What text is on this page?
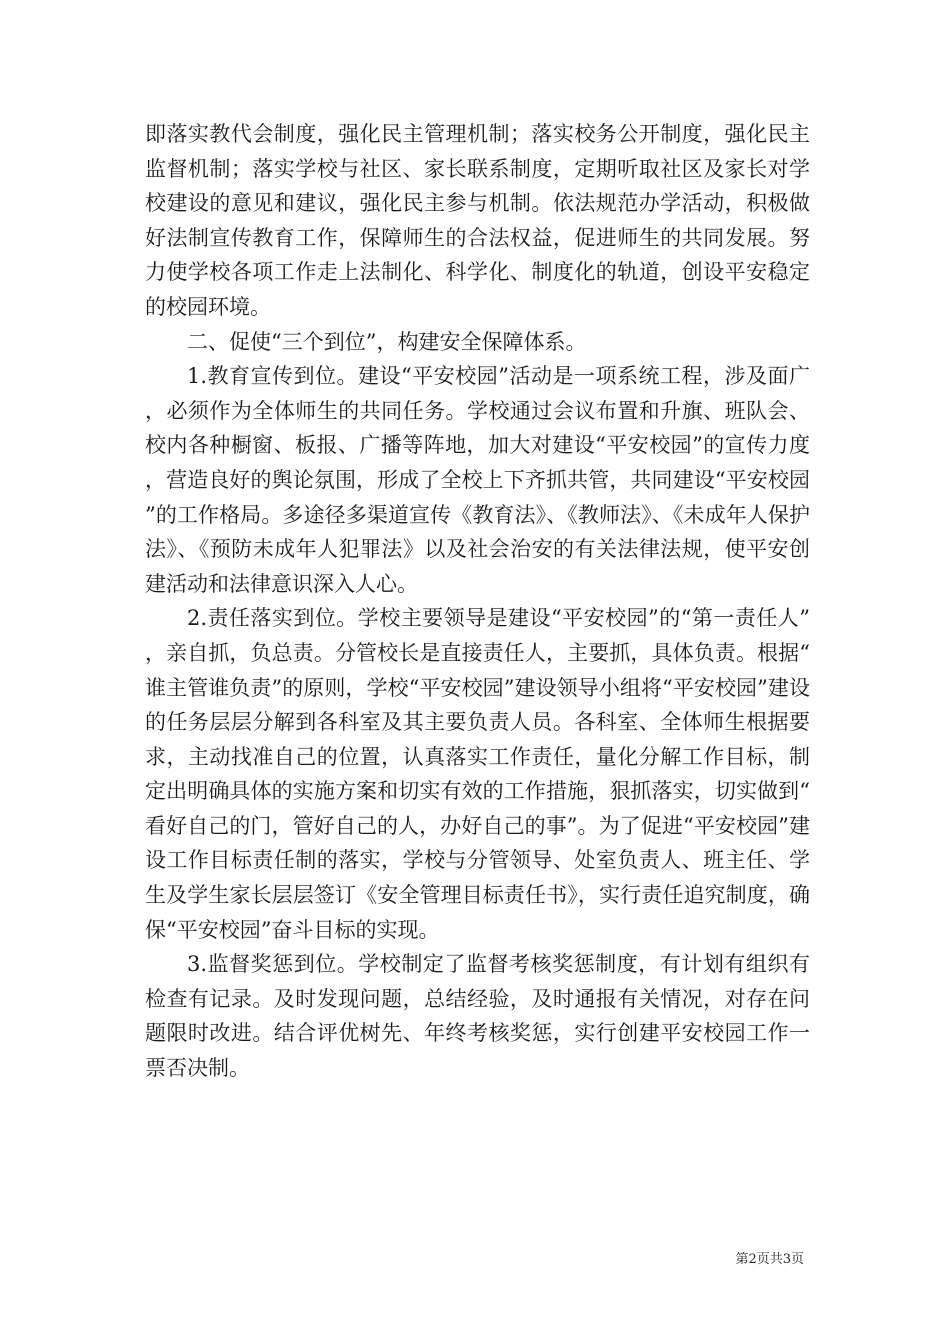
即落实教代会制度，强化民主管理机制；落实校务公开制度，强化民主监督机制；落实学校与社区、家长联系制度，定期听取社区及家长对学校建设的意见和建议，强化民主参与机制。依法规范办学活动，积极做好法制宣传教育工作，保障师生的合法权益，促进师生的共同发展。努力使学校各项工作走上法制化、科学化、制度化的轨道，创设平安稳定的校园环境。

二、促使“三个到位”，构建安全保障体系。

1.教育宣传到位。建设“平安校园”活动是一项系统工程，涉及面广，必须作为全体师生的共同任务。学校通过会议布置和升旗、班队会、校内各种橱窗、板报、广播等阵地，加大对建设“平安校园”的宣传力度，营造良好的舆论氛围，形成了全校上下齐抓共管，共同建设“平安校园”的工作格局。多途径多渠道宣传《教育法》、《教师法》、《未成年人保护法》、《预防未成年人犯罪法》以及社会治安的有关法律法规，使平安创建活动和法律意识深入人心。

2.责任落实到位。学校主要领导是建设“平安校园”的“第一责任人”，亲自抓，负总责。分管校长是直接责任人，主要抓，具体负责。根据“谁主管谁负责”的原则，学校“平安校园”建设领导小组将“平安校园”建设的任务层层分解到各科室及其主要负责人员。各科室、全体师生根据要求，主动找准自己的位置，认真落实工作责任，量化分解工作目标，制定出明确具体的实施方案和切实有效的工作措施，狠抓落实，切实做到“看好自己的门，管好自己的人，办好自己的事”。为了促进“平安校园”建设工作目标责任制的落实，学校与分管领导、处室负责人、班主任、学生及学生家长层层签订《安全管理目标责任书》，实行责任追究制度，确保“平安校园”奋斗目标的实现。

3.监督奖惩到位。学校制定了监督考核奖惩制度，有计划有组织有检查有记录。及时发现问题，总结经验，及时通报有关情况，对存在问题限时改进。结合评优树先、年终考核奖惩，实行创建平安校园工作一票否决制。

第2页共3页
